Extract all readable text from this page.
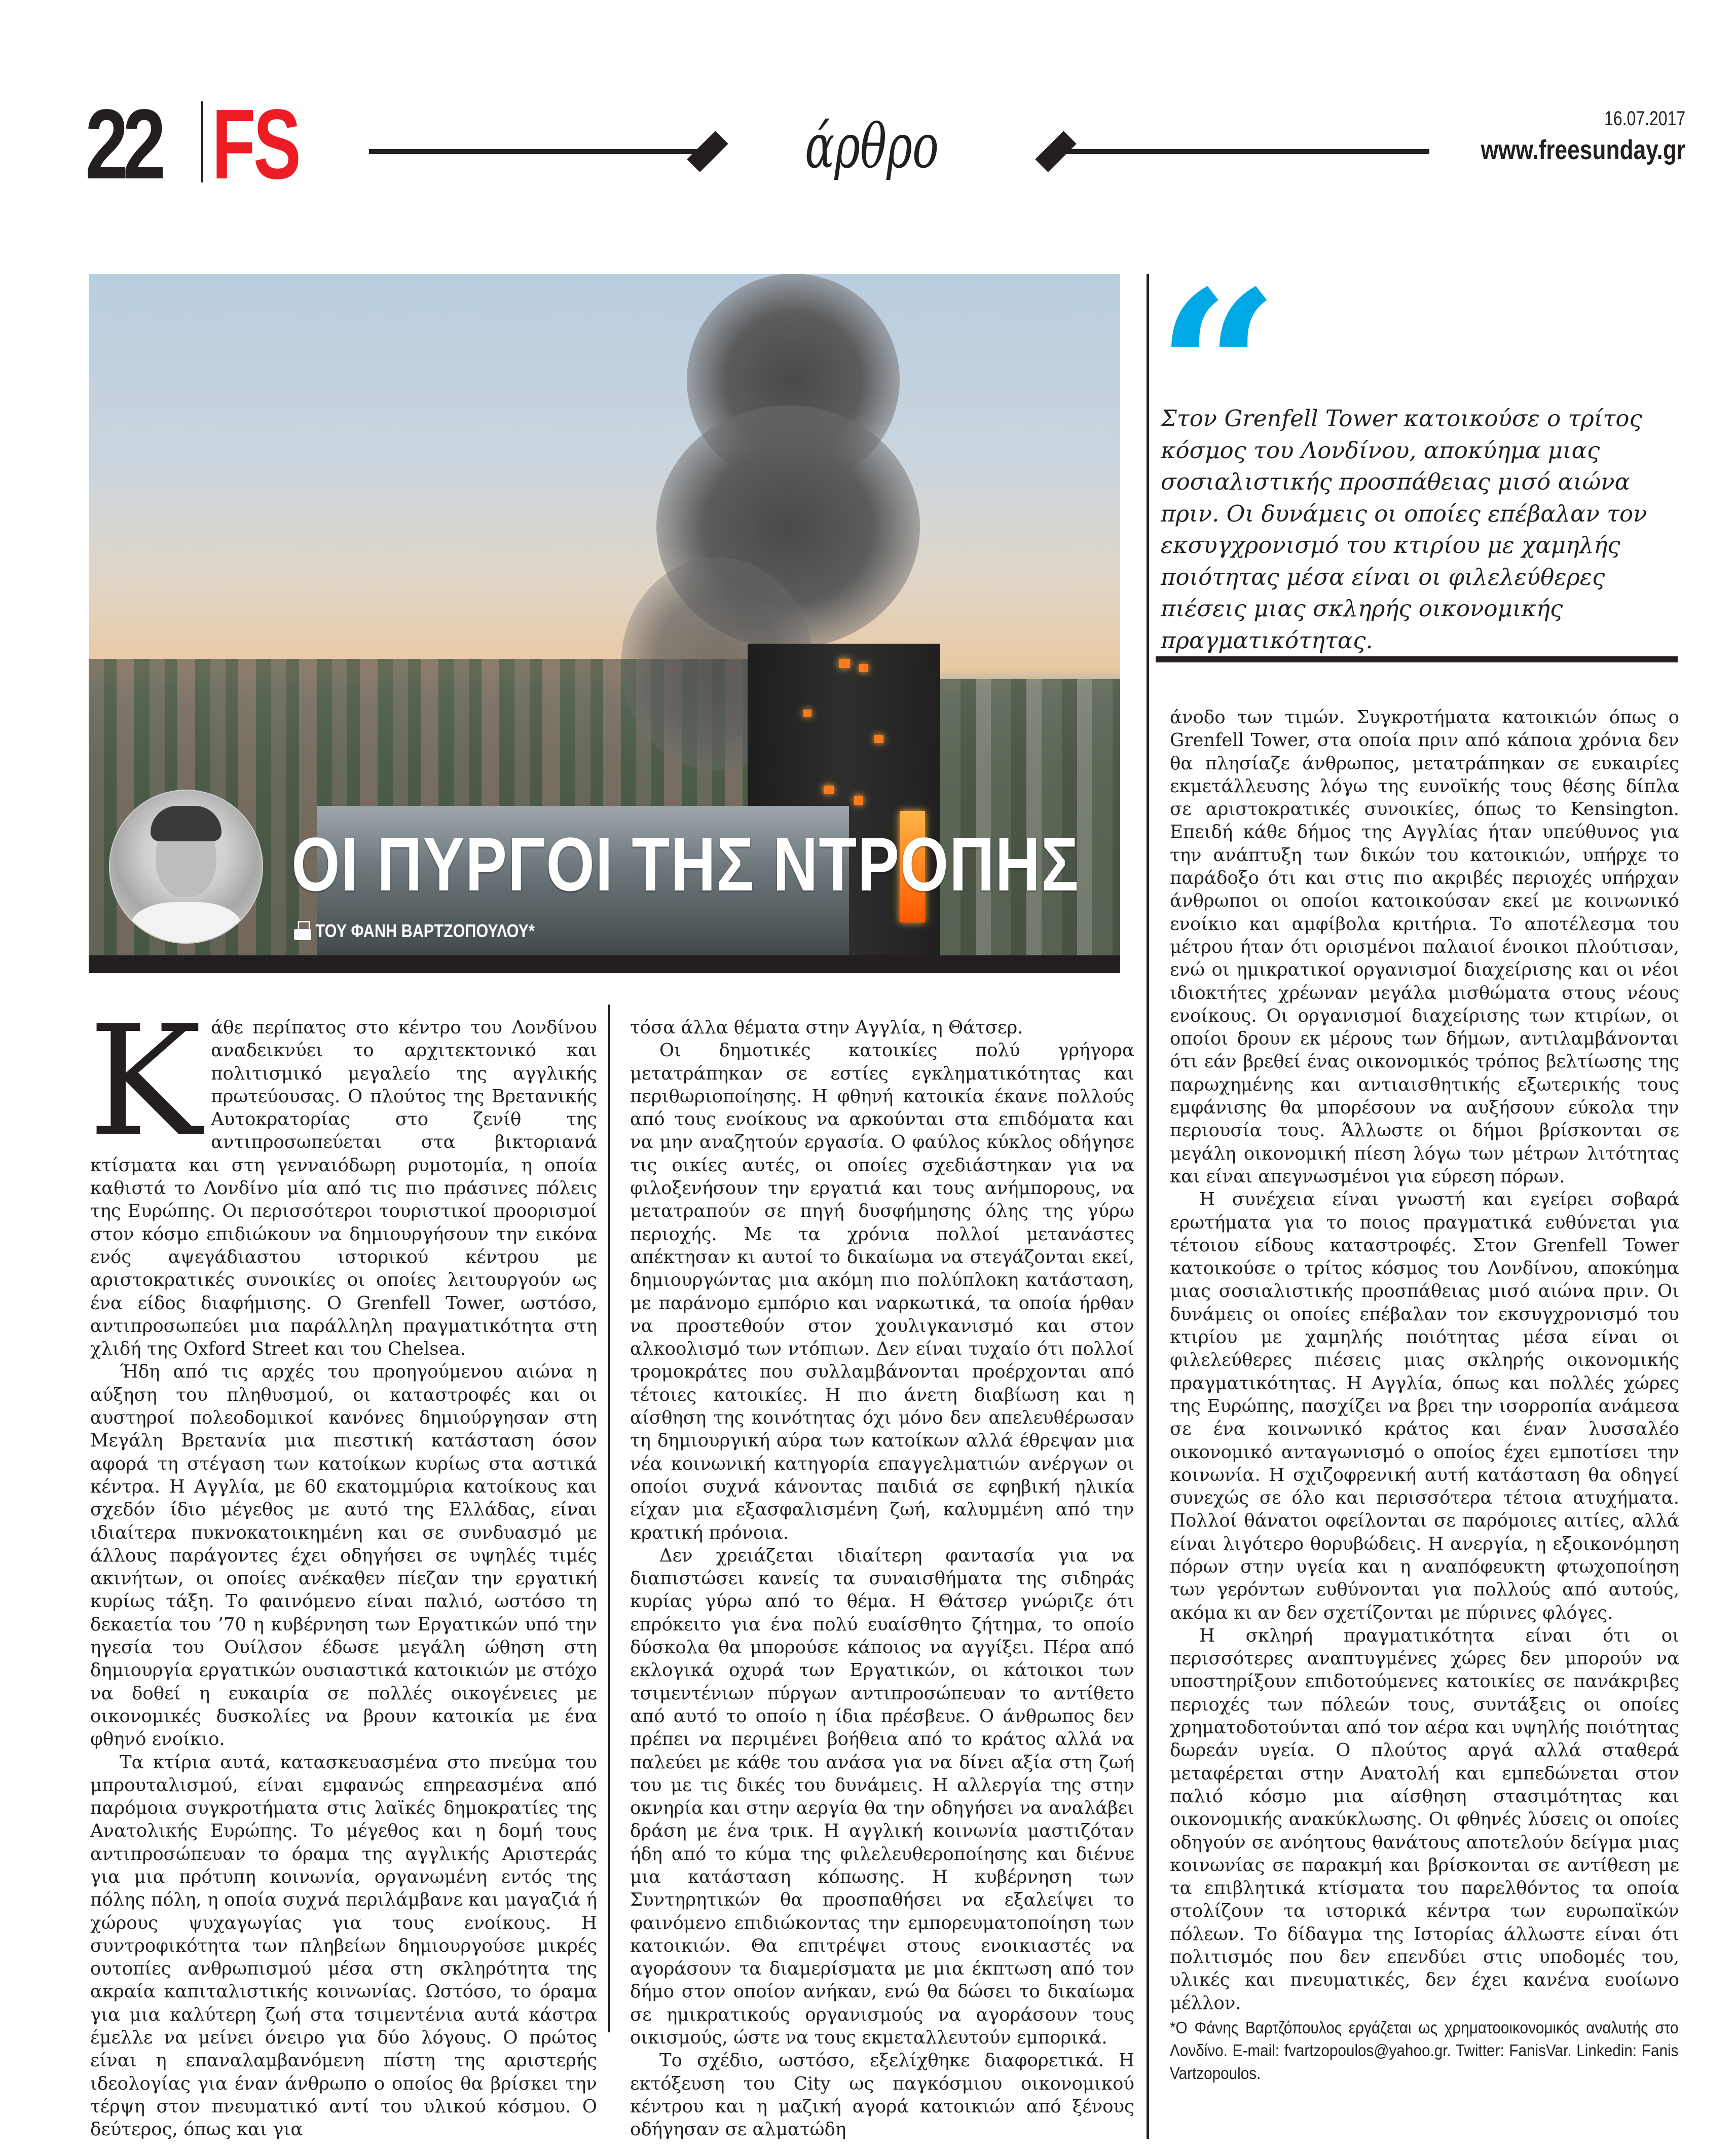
22 FS	άρθρο	16.07.2017
www.freesunday.gr
ΟΙ ΠΥΡΓΟΙ ΤΗΣ ΝΤΡΟΠΗΣ
ΤΟΥ ΦΑΝΗ ΒΑΡΤΖΟΠΟΥΛΟΥ*
“
Στον Grenfell Tower κατοικούσε ο τρίτος κόσμος του Λονδίνου, αποκύημα μιας σοσιαλιστικής προσπάθειας μισό αιώνα πριν. Οι δυνάμεις οι οποίες επέβαλαν τον εκσυγχρονισμό του κτιρίου με χαμηλής ποιότητας μέσα είναι οι φιλελεύθερες πιέσεις μιας σκληρής οικονομικής πραγματικότητας.

Κάθε περίπατος στο κέντρο του Λονδίνου αναδεικνύει το αρχιτεκτονικό και πολιτισμικό μεγαλείο της αγγλικής πρωτεύουσας. Ο πλούτος της Βρετανικής Αυτοκρατορίας στο ζενίθ της αντιπροσωπεύεται στα βικτοριανά κτίσματα και στη γενναιόδωρη ρυμοτομία, η οποία καθιστά το Λονδίνο μία από τις πιο πράσινες πόλεις της Ευρώπης. Οι περισσότεροι τουριστικοί προορισμοί στον κόσμο επιδιώκουν να δημιουργήσουν την εικόνα ενός αψεγάδιαστου ιστορικού κέντρου με αριστοκρατικές συνοικίες οι οποίες λειτουργούν ως ένα είδος διαφήμισης. Ο Grenfell Tower, ωστόσο, αντιπροσωπεύει μια παράλληλη πραγματικότητα στη χλιδή της Oxford Street και του Chelsea.

Ήδη από τις αρχές του προηγούμενου αιώνα η αύξηση του πληθυσμού, οι καταστροφές και οι αυστηροί πολεοδομικοί κανόνες δημιούργησαν στη Μεγάλη Βρετανία μια πιεστική κατάσταση όσον αφορά τη στέγαση των κατοίκων κυρίως στα αστικά κέντρα. Η Αγγλία, με 60 εκατομμύρια κατοίκους και σχεδόν ίδιο μέγεθος με αυτό της Ελλάδας, είναι ιδιαίτερα πυκνοκατοικημένη και σε συνδυασμό με άλλους παράγοντες έχει οδηγήσει σε υψηλές τιμές ακινήτων, οι οποίες ανέκαθεν πίεζαν την εργατική κυρίως τάξη. Το φαινόμενο είναι παλιό, ωστόσο τη δεκαετία του ’70 η κυβέρνηση των Εργατικών υπό την ηγεσία του Ουίλσον έδωσε μεγάλη ώθηση στη δημιουργία εργατικών ουσιαστικά κατοικιών με στόχο να δοθεί η ευκαιρία σε πολλές οικογένειες με οικονομικές δυσκολίες να βρουν κατοικία με ένα φθηνό ενοίκιο.

Τα κτίρια αυτά, κατασκευασμένα στο πνεύμα του μπρουταλισμού, είναι εμφανώς επηρεασμένα από παρόμοια συγκροτήματα στις λαϊκές δημοκρατίες της Ανατολικής Ευρώπης. Το μέγεθος και η δομή τους αντιπροσώπευαν το όραμα της αγγλικής Αριστεράς για μια πρότυπη κοινωνία, οργανωμένη εντός της πόλης πόλη, η οποία συχνά περιλάμβανε και μαγαζιά ή χώρους ψυχαγωγίας για τους ενοίκους. Η συντροφικότητα των πληβείων δημιουργούσε μικρές ουτοπίες ανθρωπισμού μέσα στη σκληρότητα της ακραία καπιταλιστικής κοινωνίας. Ωστόσο, το όραμα για μια καλύτερη ζωή στα τσιμεντένια αυτά κάστρα έμελλε να μείνει όνειρο για δύο λόγους. Ο πρώτος είναι η επαναλαμβανόμενη πίστη της αριστερής ιδεολογίας για έναν άνθρωπο ο οποίος θα βρίσκει την τέρψη στον πνευματικό αντί του υλικού κόσμου. Ο δεύτερος, όπως και για

τόσα άλλα θέματα στην Αγγλία, η Θάτσερ.

Οι δημοτικές κατοικίες πολύ γρήγορα μετατράπηκαν σε εστίες εγκληματικότητας και περιθωριοποίησης. Η φθηνή κατοικία έκανε πολλούς από τους ενοίκους να αρκούνται στα επιδόματα και να μην αναζητούν εργασία. Ο φαύλος κύκλος οδήγησε τις οικίες αυτές, οι οποίες σχεδιάστηκαν για να φιλοξενήσουν την εργατιά και τους ανήμπορους, να μετατραπούν σε πηγή δυσφήμησης όλης της γύρω περιοχής. Με τα χρόνια πολλοί μετανάστες απέκτησαν κι αυτοί το δικαίωμα να στεγάζονται εκεί, δημιουργώντας μια ακόμη πιο πολύπλοκη κατάσταση, με παράνομο εμπόριο και ναρκωτικά, τα οποία ήρθαν να προστεθούν στον χουλιγκανισμό και στον αλκοολισμό των ντόπιων. Δεν είναι τυχαίο ότι πολλοί τρομοκράτες που συλλαμβάνονται προέρχονται από τέτοιες κατοικίες. Η πιο άνετη διαβίωση και η αίσθηση της κοινότητας όχι μόνο δεν απελευθέρωσαν τη δημιουργική αύρα των κατοίκων αλλά έθρεψαν μια νέα κοινωνική κατηγορία επαγγελματιών ανέργων οι οποίοι συχνά κάνοντας παιδιά σε εφηβική ηλικία είχαν μια εξασφαλισμένη ζωή, καλυμμένη από την κρατική πρόνοια.

Δεν χρειάζεται ιδιαίτερη φαντασία για να διαπιστώσει κανείς τα συναισθήματα της σιδηράς κυρίας γύρω από το θέμα. Η Θάτσερ γνώριζε ότι επρόκειτο για ένα πολύ ευαίσθητο ζήτημα, το οποίο δύσκολα θα μπορούσε κάποιος να αγγίξει. Πέρα από εκλογικά οχυρά των Εργατικών, οι κάτοικοι των τσιμεντένιων πύργων αντιπροσώπευαν το αντίθετο από αυτό το οποίο η ίδια πρέσβευε. Ο άνθρωπος δεν πρέπει να περιμένει βοήθεια από το κράτος αλλά να παλεύει με κάθε του ανάσα για να δίνει αξία στη ζωή του με τις δικές του δυνάμεις. Η αλλεργία της στην οκνηρία και στην αεργία θα την οδηγήσει να αναλάβει δράση με ένα τρικ. Η αγγλική κοινωνία μαστιζόταν ήδη από το κύμα της φιλελευθεροποίησης και διένυε μια κατάσταση κόπωσης. Η κυβέρνηση των Συντηρητικών θα προσπαθήσει να εξαλείψει το φαινόμενο επιδιώκοντας την εμπορευματοποίηση των κατοικιών. Θα επιτρέψει στους ενοικιαστές να αγοράσουν τα διαμερίσματα με μια έκπτωση από τον δήμο στον οποίον ανήκαν, ενώ θα δώσει το δικαίωμα σε ημικρατικούς οργανισμούς να αγοράσουν τους οικισμούς, ώστε να τους εκμεταλλευτούν εμπορικά.

Το σχέδιο, ωστόσο, εξελίχθηκε διαφορετικά. Η εκτόξευση του City ως παγκόσμιου οικονομικού κέντρου και η μαζική αγορά κατοικιών από ξένους οδήγησαν σε αλματώδη

άνοδο των τιμών. Συγκροτήματα κατοικιών όπως ο Grenfell Tower, στα οποία πριν από κάποια χρόνια δεν θα πλησίαζε άνθρωπος, μετατράπηκαν σε ευκαιρίες εκμετάλλευσης λόγω της ευνοϊκής τους θέσης δίπλα σε αριστοκρατικές συνοικίες, όπως το Kensington. Επειδή κάθε δήμος της Αγγλίας ήταν υπεύθυνος για την ανάπτυξη των δικών του κατοικιών, υπήρχε το παράδοξο ότι και στις πιο ακριβές περιοχές υπήρχαν άνθρωποι οι οποίοι κατοικούσαν εκεί με κοινωνικό ενοίκιο και αμφίβολα κριτήρια. Το αποτέλεσμα του μέτρου ήταν ότι ορισμένοι παλαιοί ένοικοι πλούτισαν, ενώ οι ημικρατικοί οργανισμοί διαχείρισης και οι νέοι ιδιοκτήτες χρέωναν μεγάλα μισθώματα στους νέους ενοίκους. Οι οργανισμοί διαχείρισης των κτιρίων, οι οποίοι δρουν εκ μέρους των δήμων, αντιλαμβάνονται ότι εάν βρεθεί ένας οικονομικός τρόπος βελτίωσης της παρωχημένης και αντιαισθητικής εξωτερικής τους εμφάνισης θα μπορέσουν να αυξήσουν εύκολα την περιουσία τους. Άλλωστε οι δήμοι βρίσκονται σε μεγάλη οικονομική πίεση λόγω των μέτρων λιτότητας και είναι απεγνωσμένοι για εύρεση πόρων.

Η συνέχεια είναι γνωστή και εγείρει σοβαρά ερωτήματα για το ποιος πραγματικά ευθύνεται για τέτοιου είδους καταστροφές. Στον Grenfell Tower κατοικούσε ο τρίτος κόσμος του Λονδίνου, αποκύημα μιας σοσιαλιστικής προσπάθειας μισό αιώνα πριν. Οι δυνάμεις οι οποίες επέβαλαν τον εκσυγχρονισμό του κτιρίου με χαμηλής ποιότητας μέσα είναι οι φιλελεύθερες πιέσεις μιας σκληρής οικονομικής πραγματικότητας. Η Αγγλία, όπως και πολλές χώρες της Ευρώπης, πασχίζει να βρει την ισορροπία ανάμεσα σε ένα κοινωνικό κράτος και έναν λυσσαλέο οικονομικό ανταγωνισμό ο οποίος έχει εμποτίσει την κοινωνία. Η σχιζοφρενική αυτή κατάσταση θα οδηγεί συνεχώς σε όλο και περισσότερα τέτοια ατυχήματα. Πολλοί θάνατοι οφείλονται σε παρόμοιες αιτίες, αλλά είναι λιγότερο θορυβώδεις. Η ανεργία, η εξοικονόμηση πόρων στην υγεία και η αναπόφευκτη φτωχοποίηση των γερόντων ευθύνονται για πολλούς από αυτούς, ακόμα κι αν δεν σχετίζονται με πύρινες φλόγες.

Η σκληρή πραγματικότητα είναι ότι οι περισσότερες αναπτυγμένες χώρες δεν μπορούν να υποστηρίξουν επιδοτούμενες κατοικίες σε πανάκριβες περιοχές των πόλεών τους, συντάξεις οι οποίες χρηματοδοτούνται από τον αέρα και υψηλής ποιότητας δωρεάν υγεία. Ο πλούτος αργά αλλά σταθερά μεταφέρεται στην Ανατολή και εμπεδώνεται στον παλιό κόσμο μια αίσθηση στασιμότητας και οικονομικής ανακύκλωσης. Οι φθηνές λύσεις οι οποίες οδηγούν σε ανόητους θανάτους αποτελούν δείγμα μιας κοινωνίας σε παρακμή και βρίσκονται σε αντίθεση με τα επιβλητικά κτίσματα του παρελθόντος τα οποία στολίζουν τα ιστορικά κέντρα των ευρωπαϊκών πόλεων. Το δίδαγμα της Ιστορίας άλλωστε είναι ότι πολιτισμός που δεν επενδύει στις υποδομές του, υλικές και πνευματικές, δεν έχει κανένα ευοίωνο μέλλον.

*Ο Φάνης Βαρτζόπουλος εργάζεται ως χρηματοοικονομικός αναλυτής στο Λονδίνο. E-mail: fvartzopoulos@yahoo.gr. Twitter: FanisVar. Linkedin: Fanis Vartzopoulos.
